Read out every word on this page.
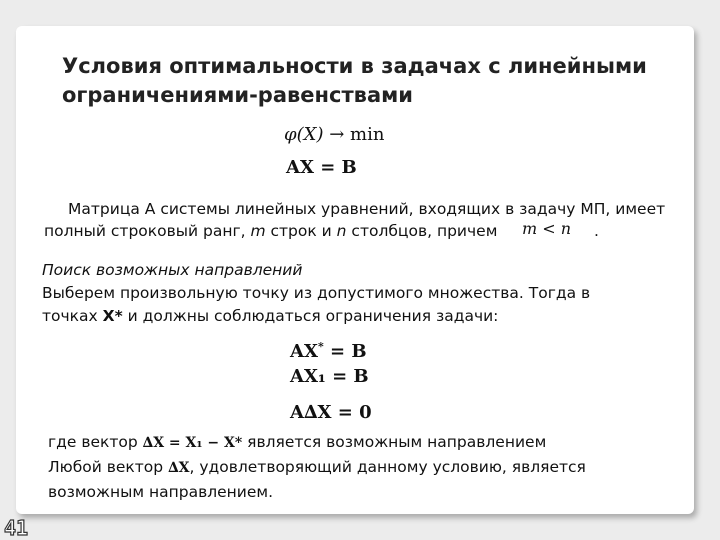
Условия оптимальности в задачах с линейными
ограничениями-равенствами
φ(X) → min
AX = B
Матрица А системы линейных уравнений, входящих в задачу МП, имеет
полный строковый ранг, m строк и n столбцов, причем m < n .
Поиск возможных направлений
Выберем произвольную точку из допустимого множества. Тогда в
точках X* и должны соблюдаться ограничения задачи:
AX* = B
AX₁ = B
A∆X = 0
где вектор ∆X = X₁ − X* является возможным направлением
Любой вектор ∆X, удовлетворяющий данному условию, является
возможным направлением.
41
